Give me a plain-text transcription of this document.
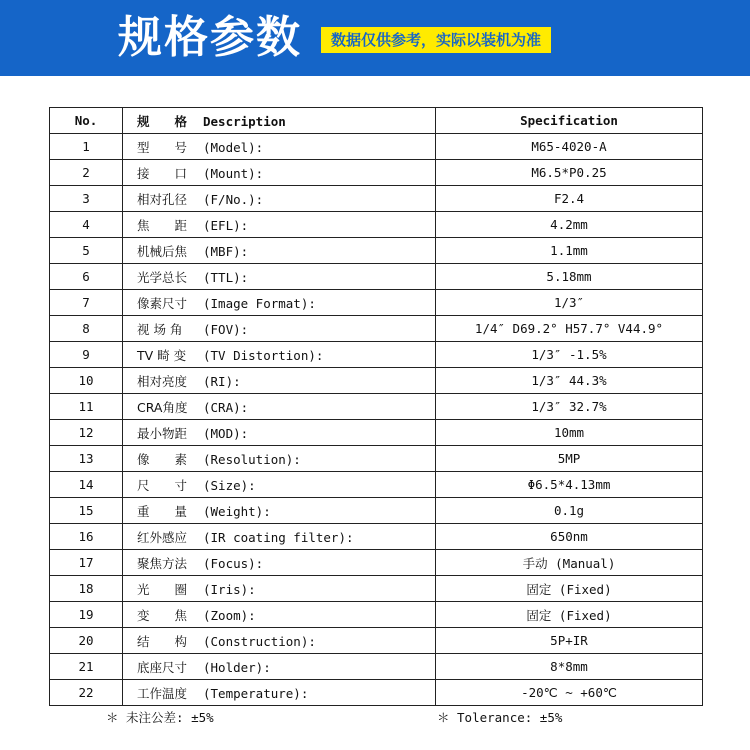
规格参数	数据仅供参考，实际以装机为准
No.	规　　格 Description	Specification
1	型　　号 (Model):	M65-4020-A
2	接　　口 (Mount):	M6.5*P0.25
3	相对孔径 (F/No.):	F2.4
4	焦　　距 (EFL):	4.2mm
5	机械后焦 (MBF):	1.1mm
6	光学总长 (TTL):	5.18mm
7	像素尺寸 (Image Format):	1/3″
8	视 场 角 (FOV):	1/4″ D69.2° H57.7° V44.9°
9	TV 畸 变 (TV Distortion):	1/3″ -1.5%
10	相对亮度 (RI):	1/3″ 44.3%
11	CRA角度 (CRA):	1/3″ 32.7%
12	最小物距 (MOD):	10mm
13	像　　素 (Resolution):	5MP
14	尺　　寸 (Size):	Φ6.5*4.13mm
15	重　　量 (Weight):	0.1g
16	红外感应 (IR coating filter):	650nm
17	聚焦方法 (Focus):	手动 (Manual)
18	光　　圈 (Iris):	固定 (Fixed)
19	变　　焦 (Zoom):	固定 (Fixed)
20	结　　构 (Construction):	5P+IR
21	底座尺寸 (Holder):	8*8mm
22	工作温度 (Temperature):	-20℃ ~ +60℃
＊ 未注公差: ±5%	＊ Tolerance: ±5%
